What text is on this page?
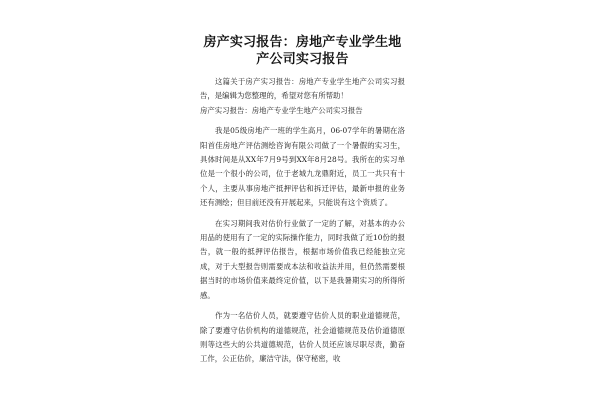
房产实习报告：房地产专业学生地产公司实习报告

这篇关于房产实习报告：房地产专业学生地产公司实习报告，是编辑为您整理的，希望对您有所帮助！

房产实习报告：房地产专业学生地产公司实习报告

我是05级房地产一班的学生高月，06-07学年的暑期在洛阳首佳房地产评估测绘咨询有限公司做了一个暑假的实习生，具体时间是从XX年7月9号到XX年8月28号。我所在的实习单位是一个很小的公司，位于老城九龙鼎附近，员工一共只有十个人，主要从事房地产抵押评估和拆迁评估，最新申报的业务还有测绘；但目前还没有开展起来，只能说有这个资质了。

在实习期间我对估价行业做了一定的了解，对基本的办公用品的使用有了一定的实际操作能力，同时我做了近10份的报告，就一般的抵押评估报告，根据市场价值我已经能独立完成，对于大型报告则需要成本法和收益法并用，但仍然需要根据当时的市场价值来最终定价值，以下是我暑期实习的所得所感。

作为一名估价人员，就要遵守估价人员的职业道德规范，除了要遵守估价机构的道德规范，社会道德规范及估价道德原则等这些大的公共道德规范，估价人员还应该尽职尽责，勤奋工作，公正估价，廉洁守法，保守秘密，收
